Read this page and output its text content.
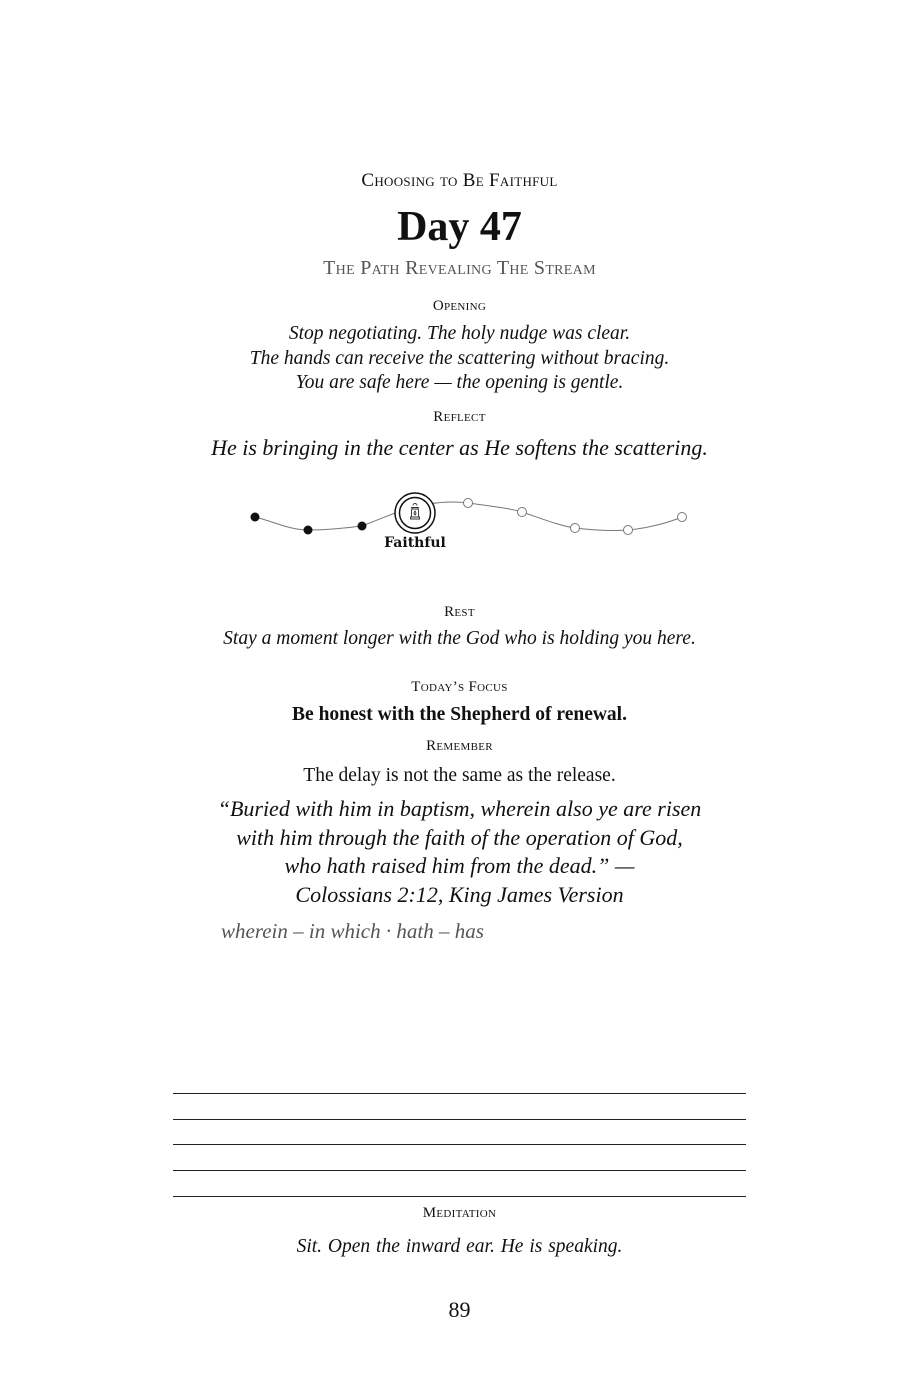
Choosing to Be Faithful
Day 47
The Path Revealing The Stream
Opening
Stop negotiating. The holy nudge was clear.
The hands can receive the scattering without bracing.
You are safe here — the opening is gentle.
Reflect
He is bringing in the center as He softens the scattering.
Faithful
Rest
Stay a moment longer with the God who is holding you here.
Today’s Focus
Be honest with the Shepherd of renewal.
Remember
The delay is not the same as the release.
“Buried with him in baptism, wherein also ye are risen
with him through the faith of the operation of God,
who hath raised him from the dead.” —
Colossians 2:12, King James Version
wherein – in which · hath – has
Meditation
Sit. Open the inward ear. He is speaking.
89
